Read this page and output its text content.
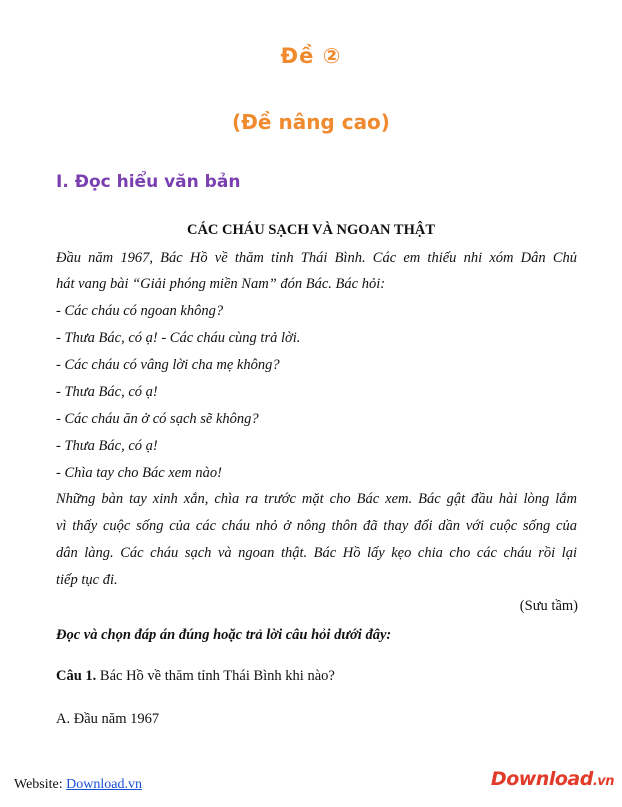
Đề ②
(Đề nâng cao)
I. Đọc hiểu văn bản
CÁC CHÁU SẠCH VÀ NGOAN THẬT
Đầu năm 1967, Bác Hồ về thăm tỉnh Thái Bình. Các em thiếu nhi xóm Dân Chủ
hát vang bài “Giải phóng miền Nam” đón Bác. Bác hỏi:
- Các cháu có ngoan không?
- Thưa Bác, có ạ! - Các cháu cùng trả lời.
- Các cháu có vâng lời cha mẹ không?
- Thưa Bác, có ạ!
- Các cháu ăn ở có sạch sẽ không?
- Thưa Bác, có ạ!
- Chìa tay cho Bác xem nào!
Những bàn tay xinh xắn, chìa ra trước mặt cho Bác xem. Bác gật đầu hài lòng lắm
vì thấy cuộc sống của các cháu nhỏ ở nông thôn đã thay đổi dần với cuộc sống của
dân làng. Các cháu sạch và ngoan thật. Bác Hồ lấy kẹo chia cho các cháu rồi lại
tiếp tục đi.
(Sưu tầm)
Đọc và chọn đáp án đúng hoặc trả lời câu hỏi dưới đây:
Câu 1. Bác Hồ về thăm tỉnh Thái Bình khi nào?
A. Đầu năm 1967
Website: Download.vn	Download.vn
